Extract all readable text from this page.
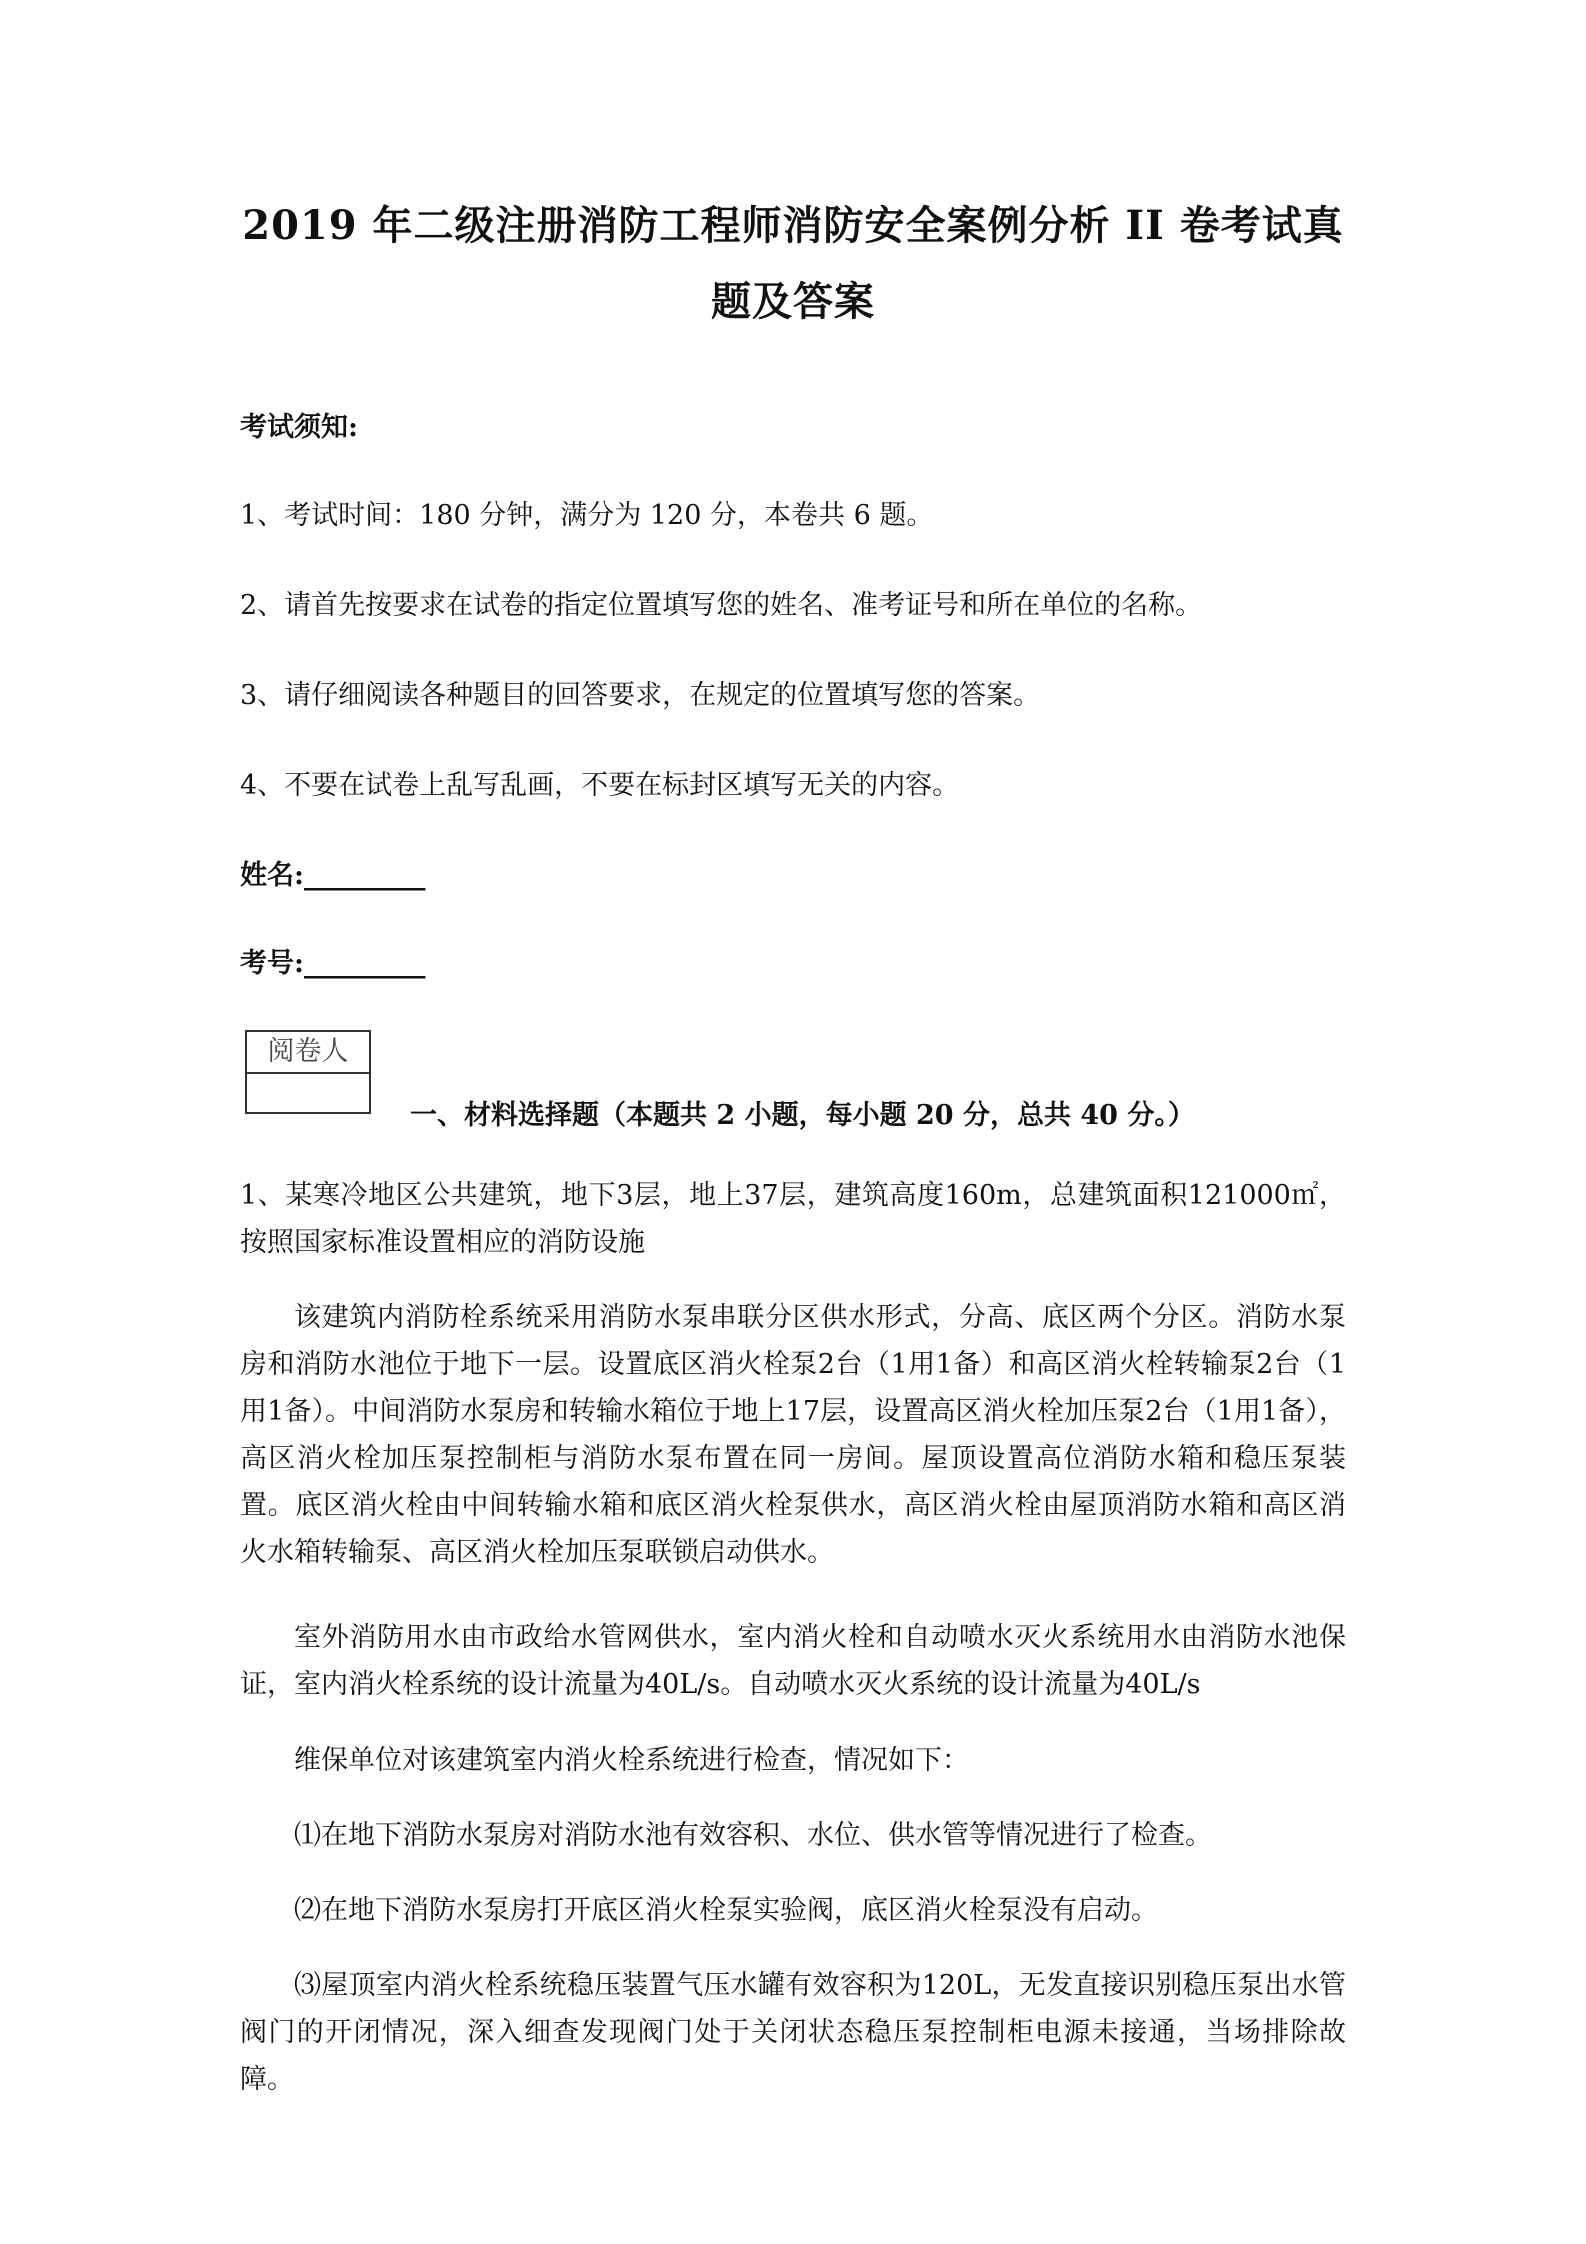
2019 年二级注册消防工程师消防安全案例分析 II 卷考试真
题及答案

考试须知:

1、考试时间：180 分钟，满分为 120 分，本卷共 6 题。

2、请首先按要求在试卷的指定位置填写您的姓名、准考证号和所在单位的名称。

3、请仔细阅读各种题目的回答要求，在规定的位置填写您的答案。

4、不要在试卷上乱写乱画，不要在标封区填写无关的内容。

姓名:_________

考号:_________

阅卷人
一、材料选择题（本题共 2 小题，每小题 20 分，总共 40 分。）

1、某寒冷地区公共建筑，地下3层，地上37层，建筑高度160m，总建筑面积121000㎡，按照国家标准设置相应的消防设施

该建筑内消防栓系统采用消防水泵串联分区供水形式，分高、底区两个分区。消防水泵房和消防水池位于地下一层。设置底区消火栓泵2台（1用1备）和高区消火栓转输泵2台（1用1备）。中间消防水泵房和转输水箱位于地上17层，设置高区消火栓加压泵2台（1用1备），高区消火栓加压泵控制柜与消防水泵布置在同一房间。屋顶设置高位消防水箱和稳压泵装置。底区消火栓由中间转输水箱和底区消火栓泵供水，高区消火栓由屋顶消防水箱和高区消火水箱转输泵、高区消火栓加压泵联锁启动供水。

室外消防用水由市政给水管网供水，室内消火栓和自动喷水灭火系统用水由消防水池保证，室内消火栓系统的设计流量为40L/s。自动喷水灭火系统的设计流量为40L/s

维保单位对该建筑室内消火栓系统进行检查，情况如下：

⑴在地下消防水泵房对消防水池有效容积、水位、供水管等情况进行了检查。

⑵在地下消防水泵房打开底区消火栓泵实验阀，底区消火栓泵没有启动。

⑶屋顶室内消火栓系统稳压装置气压水罐有效容积为120L，无发直接识别稳压泵出水管阀门的开闭情况，深入细查发现阀门处于关闭状态稳压泵控制柜电源未接通，当场排除故障。
